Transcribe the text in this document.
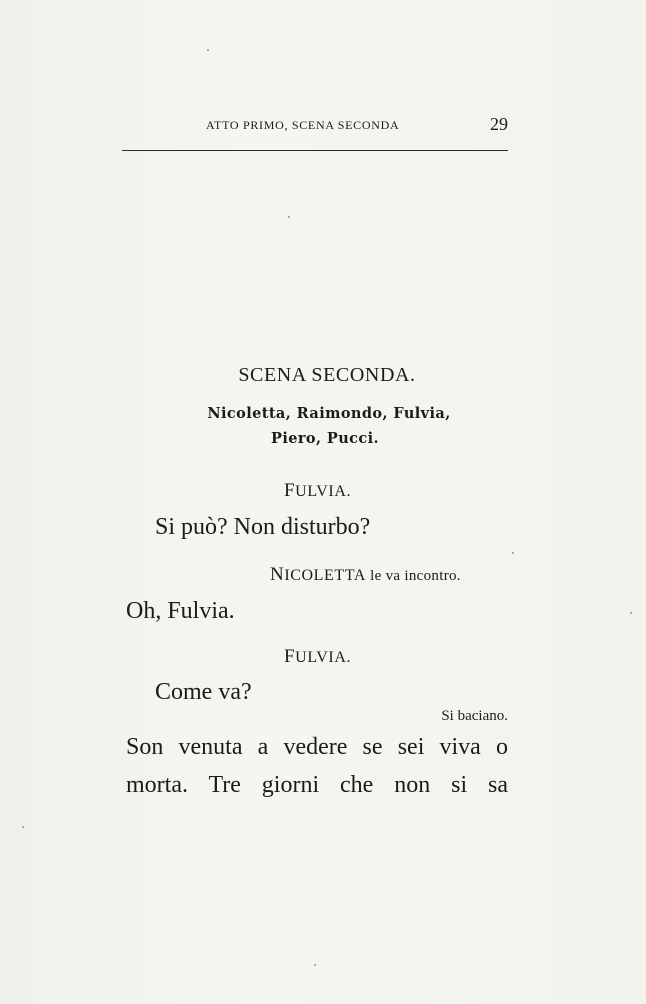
ATTO PRIMO, SCENA SECONDA	29
SCENA SECONDA.
Nicoletta, Raimondo, Fulvia,
Piero, Pucci.
FULVIA.
Si può? Non disturbo?
NICOLETTA le va incontro.
Oh, Fulvia.
FULVIA.
Come va?
Si baciano.
Son venuta a vedere se sei viva o
morta. Tre giorni che non si sa
